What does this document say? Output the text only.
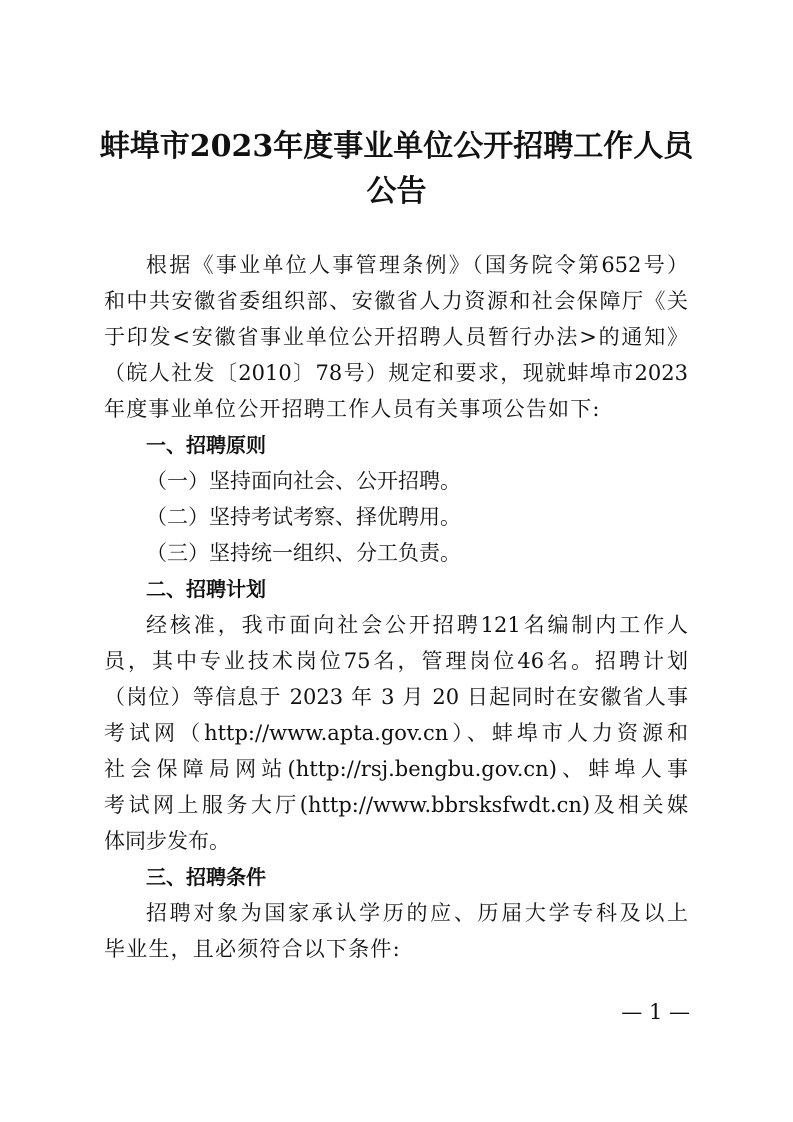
蚌埠市2023年度事业单位公开招聘工作人员
公告
根据《事业单位人事管理条例》（国务院令第652号）
和中共安徽省委组织部、安徽省人力资源和社会保障厅《关
于印发<安徽省事业单位公开招聘人员暂行办法>的通知》
（皖人社发〔2010〕78号）规定和要求，现就蚌埠市2023
年度事业单位公开招聘工作人员有关事项公告如下:
一、招聘原则
（一）坚持面向社会、公开招聘。
（二）坚持考试考察、择优聘用。
（三）坚持统一组织、分工负责。
二、招聘计划
经核准，我市面向社会公开招聘121名编制内工作人
员，其中专业技术岗位75名，管理岗位46名。招聘计划
（岗位）等信息于 2023 年 3 月 20 日起同时在安徽省人事
考试网（http://www.apta.gov.cn）、蚌埠市人力资源和
社会保障局网站(http://rsj.bengbu.gov.cn)、蚌埠人事
考试网上服务大厅(http://www.bbrsksfwdt.cn)及相关媒
体同步发布。
三、招聘条件
招聘对象为国家承认学历的应、历届大学专科及以上
毕业生，且必须符合以下条件:
— 1 —
